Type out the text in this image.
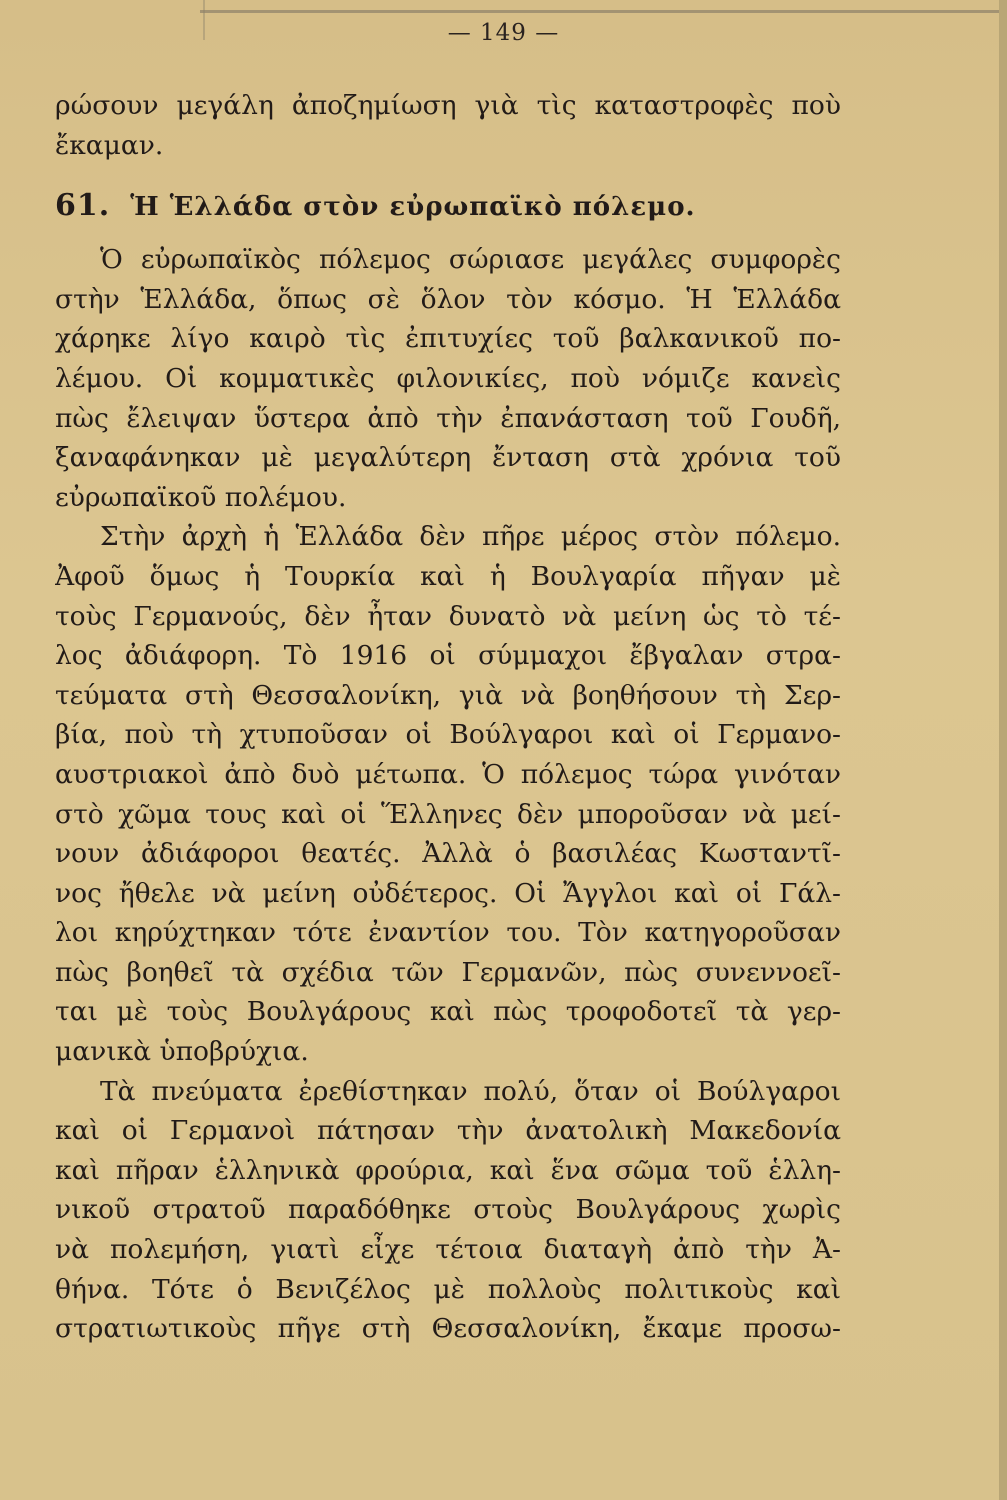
— 149 —
ρώσουν μεγάλη ἀποζημίωση γιὰ τὶς καταστροφὲς ποὺ
ἔκαμαν.
61. Ἡ Ἑλλάδα στὸν εὐρωπαϊκὸ πόλεμο.
Ὁ εὐρωπαϊκὸς πόλεμος σώριασε μεγάλες συμφορὲς
στὴν Ἑλλάδα, ὅπως σὲ ὅλον τὸν κόσμο. Ἡ Ἑλλάδα
χάρηκε λίγο καιρὸ τὶς ἐπιτυχίες τοῦ βαλκανικοῦ πο-
λέμου. Οἱ κομματικὲς φιλονικίες, ποὺ νόμιζε κανεὶς
πὼς ἔλειψαν ὕστερα ἀπὸ τὴν ἐπανάσταση τοῦ Γουδῆ,
ξαναφάνηκαν μὲ μεγαλύτερη ἔνταση στὰ χρόνια τοῦ
εὐρωπαϊκοῦ πολέμου.
Στὴν ἀρχὴ ἡ Ἑλλάδα δὲν πῆρε μέρος στὸν πόλεμο.
Ἀφοῦ ὅμως ἡ Τουρκία καὶ ἡ Βουλγαρία πῆγαν μὲ
τοὺς Γερμανούς, δὲν ἦταν δυνατὸ νὰ μείνη ὡς τὸ τέ-
λος ἀδιάφορη. Τὸ 1916 οἱ σύμμαχοι ἔβγαλαν στρα-
τεύματα στὴ Θεσσαλονίκη, γιὰ νὰ βοηθήσουν τὴ Σερ-
βία, ποὺ τὴ χτυποῦσαν οἱ Βούλγαροι καὶ οἱ Γερμανο-
αυστριακοὶ ἀπὸ δυὸ μέτωπα. Ὁ πόλεμος τώρα γινόταν
στὸ χῶμα τους καὶ οἱ Ἕλληνες δὲν μποροῦσαν νὰ μεί-
νουν ἀδιάφοροι θεατές. Ἀλλὰ ὁ βασιλέας Κωσταντῖ-
νος ἤθελε νὰ μείνη οὐδέτερος. Οἱ Ἄγγλοι καὶ οἱ Γάλ-
λοι κηρύχτηκαν τότε ἐναντίον του. Τὸν κατηγοροῦσαν
πὼς βοηθεῖ τὰ σχέδια τῶν Γερμανῶν, πὼς συνεννοεῖ-
ται μὲ τοὺς Βουλγάρους καὶ πὼς τροφοδοτεῖ τὰ γερ-
μανικὰ ὑποβρύχια.
Τὰ πνεύματα ἐρεθίστηκαν πολύ, ὅταν οἱ Βούλγαροι
καὶ οἱ Γερμανοὶ πάτησαν τὴν ἀνατολικὴ Μακεδονία
καὶ πῆραν ἑλληνικὰ φρούρια, καὶ ἕνα σῶμα τοῦ ἑλλη-
νικοῦ στρατοῦ παραδόθηκε στοὺς Βουλγάρους χωρὶς
νὰ πολεμήση, γιατὶ εἶχε τέτοια διαταγὴ ἀπὸ τὴν Ἀ-
θήνα. Τότε ὁ Βενιζέλος μὲ πολλοὺς πολιτικοὺς καὶ
στρατιωτικοὺς πῆγε στὴ Θεσσαλονίκη, ἔκαμε προσω-
